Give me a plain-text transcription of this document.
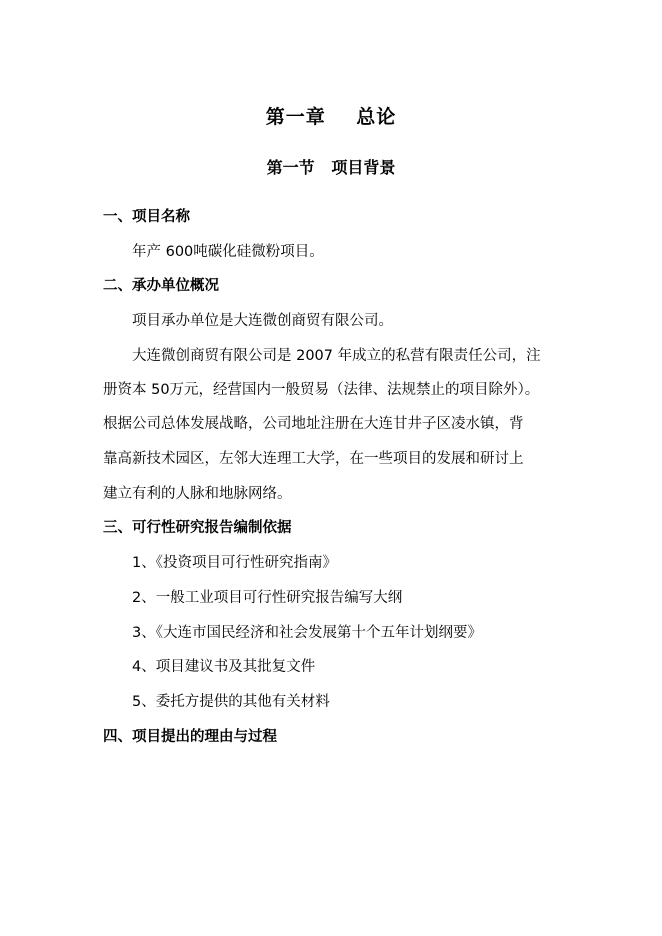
第一章    总论
第一节   项目背景
一、项目名称
年产 600吨碳化硅微粉项目。
二、承办单位概况
项目承办单位是大连微创商贸有限公司。
大连微创商贸有限公司是 2007 年成立的私营有限责任公司，注
册资本 50万元，经营国内一般贸易（法律、法规禁止的项目除外）。
根据公司总体发展战略，公司地址注册在大连甘井子区凌水镇，背
靠高新技术园区，左邻大连理工大学，在一些项目的发展和研讨上
建立有利的人脉和地脉网络。
三、可行性研究报告编制依据
1、《投资项目可行性研究指南》
2、一般工业项目可行性研究报告编写大纲
3、《大连市国民经济和社会发展第十个五年计划纲要》
4、项目建议书及其批复文件
5、委托方提供的其他有关材料
四、项目提出的理由与过程
